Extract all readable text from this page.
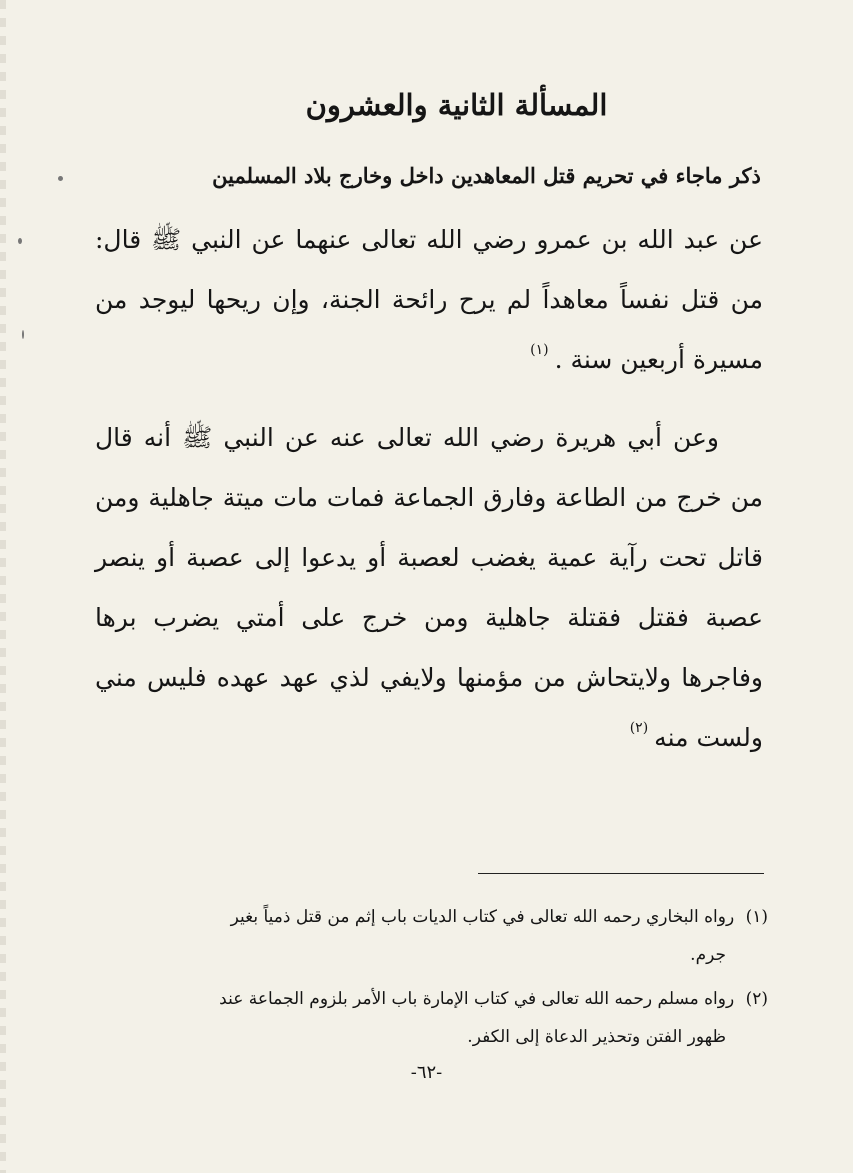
المسألة الثانية والعشرون
ذكر ماجاء في تحريم قتل المعاهدين داخل وخارج بلاد المسلمين

عن عبد الله بن عمرو رضي الله تعالى عنهما عن النبي ﷺ قال: من قتل نفساً معاهداً لم يرح رائحة الجنة، وإن ريحها ليوجد من مسيرة أربعين سنة .$^{(١)}$

وعن أبي هريرة رضي الله تعالى عنه عن النبي ﷺ أنه قال من خرج من الطاعة وفارق الجماعة فمات مات ميتة جاهلية ومن قاتل تحت رآية عمية يغضب لعصبة أو يدعوا إلى عصبة أو ينصر عصبة فقتل فقتلة جاهلية ومن خرج على أمتي يضرب برها وفاجرها ولايتحاش من مؤمنها ولايفي لذي عهد عهده فليس مني ولست منه$^{(٢)}$

(١) رواه البخاري رحمه الله تعالى في كتاب الديات باب إثم من قتل ذمياً بغير
جرم.

(٢) رواه مسلم رحمه الله تعالى في كتاب الإمارة باب الأمر بلزوم الجماعة عند
ظهور الفتن وتحذير الدعاة إلى الكفر.

-٦٢-
